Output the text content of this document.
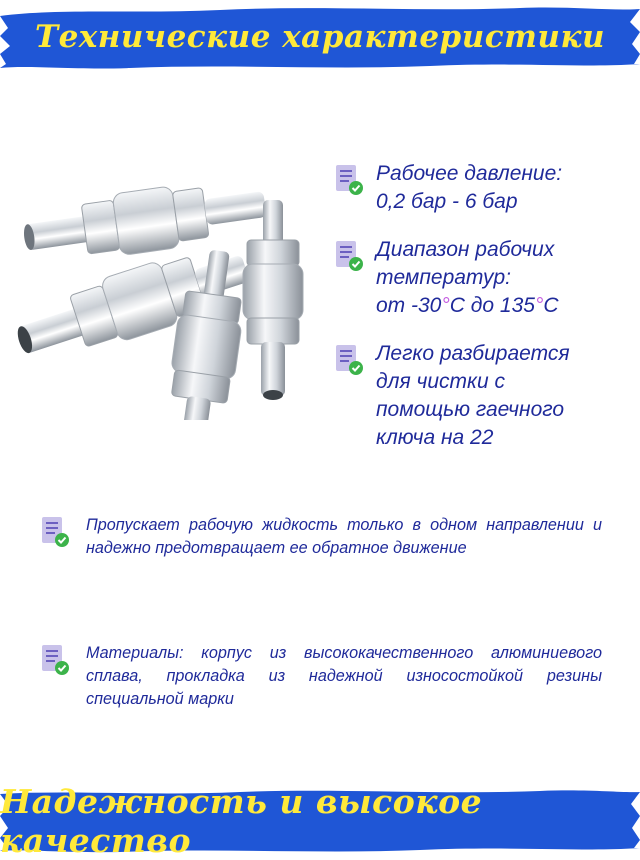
Технические характеристики
Рабочее давление:
0,2 бар - 6 бар
Диапазон рабочих
температур:
от -30°С до 135°С
Легко разбирается
для чистки с
помощью гаечного
ключа на 22
Пропускает рабочую жидкость только в одном направлении и надежно предотвращает ее обратное движение
Материалы: корпус из высококачественного алюминиевого сплава, прокладка из надежной износостойкой резины специальной марки
Надежность и высокое качество
